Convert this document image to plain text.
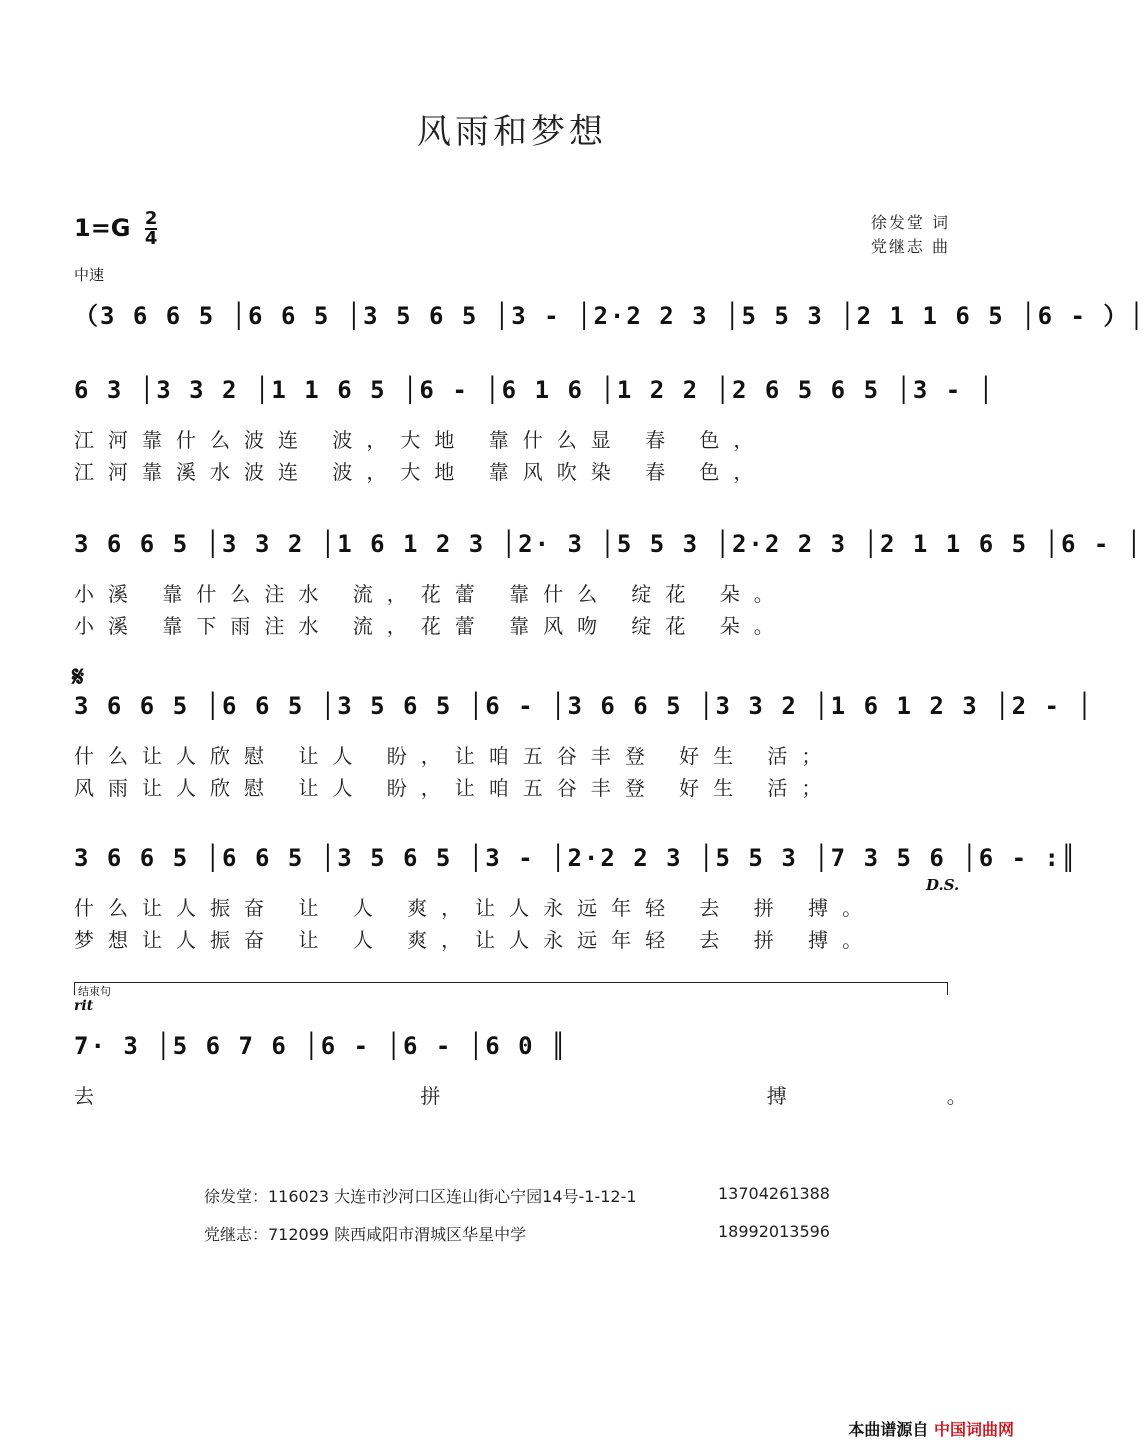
风雨和梦想
$1=G \frac{2}{4}$	徐发堂 词
党继志 曲
中速
（3 6 6 5 │6 6 5 │3 5 6 5 │3 - │2·2 2 3 │5 5 3 │2 1 1 6 5 │6 - ）│
6 3 │3 3 2 │1 1 6 5 │6 - │6 1 6 │1 2 2 │2 6 5 6 5 │3 - │
江河靠什么波连 波，大地 靠什么显 春 色，
江河靠溪水波连 波，大地 靠风吹染 春 色，
3 6 6 5 │3 3 2 │1 6 1 2 3 │2· 3 │5 5 3 │2·2 2 3 │2 1 1 6 5 │6 - │
小溪 靠什么注水 流，花蕾 靠什么 绽花 朵。
小溪 靠下雨注水 流，花蕾 靠风吻 绽花 朵。
𝄋
3 6 6 5 │6 6 5 │3 5 6 5 │6 - │3 6 6 5 │3 3 2 │1 6 1 2 3 │2 - │
什么让人欣慰 让人 盼，让咱五谷丰登 好生 活；
风雨让人欣慰 让人 盼，让咱五谷丰登 好生 活；
3 6 6 5 │6 6 5 │3 5 6 5 │3 - │2·2 2 3 │5 5 3 │7 3 5 6 │6 - :║
D.S.
什么让人振奋 让 人 爽，让人永远年轻 去 拼 搏。
梦想让人振奋 让 人 爽，让人永远年轻 去 拼 搏。
结束句
rit
7· 3 │5 6 7 6 │6 - │6 - │6 0 ║
去 拼 搏。
徐发堂：116023 大连市沙河口区连山街心宁园14号-1-12-1	13704261388
党继志：712099 陕西咸阳市渭城区华星中学	18992013596
本曲谱源自 中国词曲网
